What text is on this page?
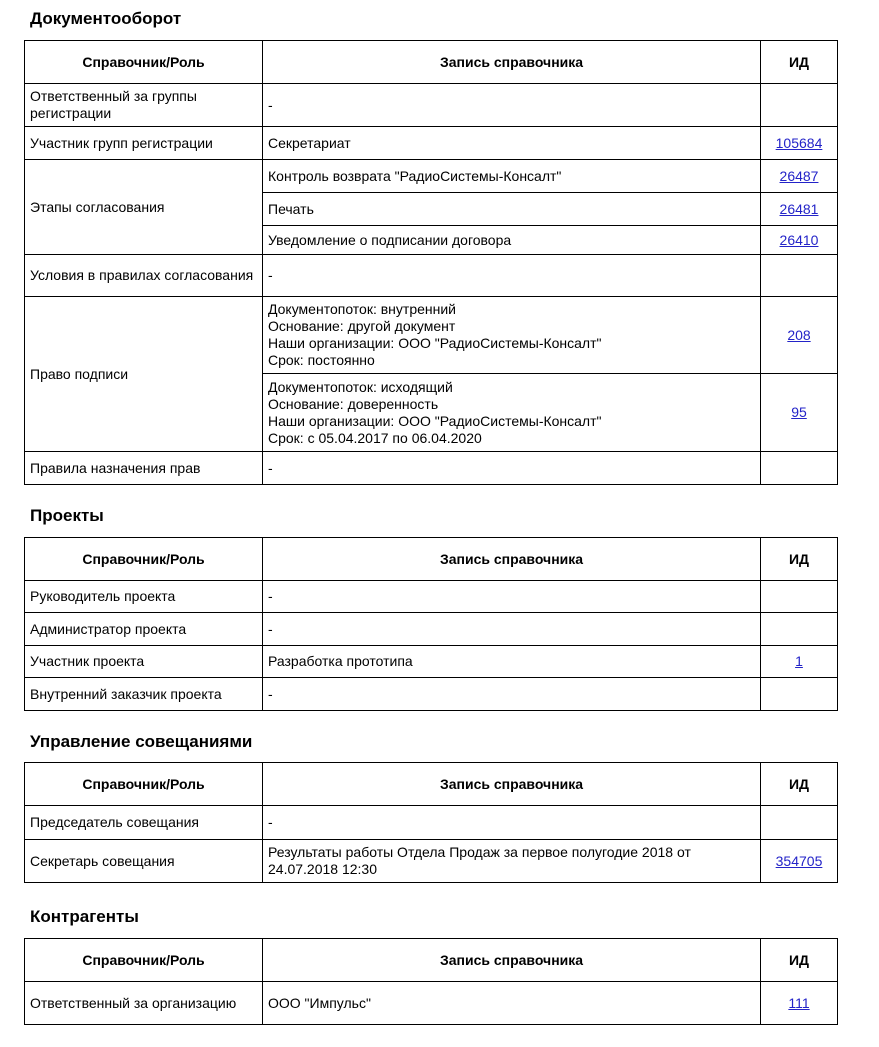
Документооборот
Справочник/Роль	Запись справочника	ИД
Ответственный за группы регистрации	-	
Участник групп регистрации	Секретариат	105684
Этапы согласования	Контроль возврата "РадиоСистемы-Консалт"	26487
	Печать	26481
	Уведомление о подписании договора	26410
Условия в правилах согласования	-	
Право подписи	Документопоток: внутренний
Основание: другой документ
Наши организации: ООО "РадиоСистемы-Консалт"
Срок: постоянно	208

	Документопоток: исходящий
Основание: доверенность
Наши организации: ООО "РадиоСистемы-Консалт"
Срок: с 05.04.2017 по 06.04.2020	95
Правила назначения прав	-	
Проекты
Справочник/Роль	Запись справочника	ИД
Руководитель проекта	-	
Администратор проекта	-	
Участник проекта	Разработка прототипа	1
Внутренний заказчик проекта	-	
Управление совещаниями
Справочник/Роль	Запись справочника	ИД
Председатель совещания	-	
Секретарь совещания	Результаты работы Отдела Продаж за первое полугодие 2018 от 24.07.2018 12:30	354705
Контрагенты
Справочник/Роль	Запись справочника	ИД
Ответственный за организацию	ООО "Импульс"	111
